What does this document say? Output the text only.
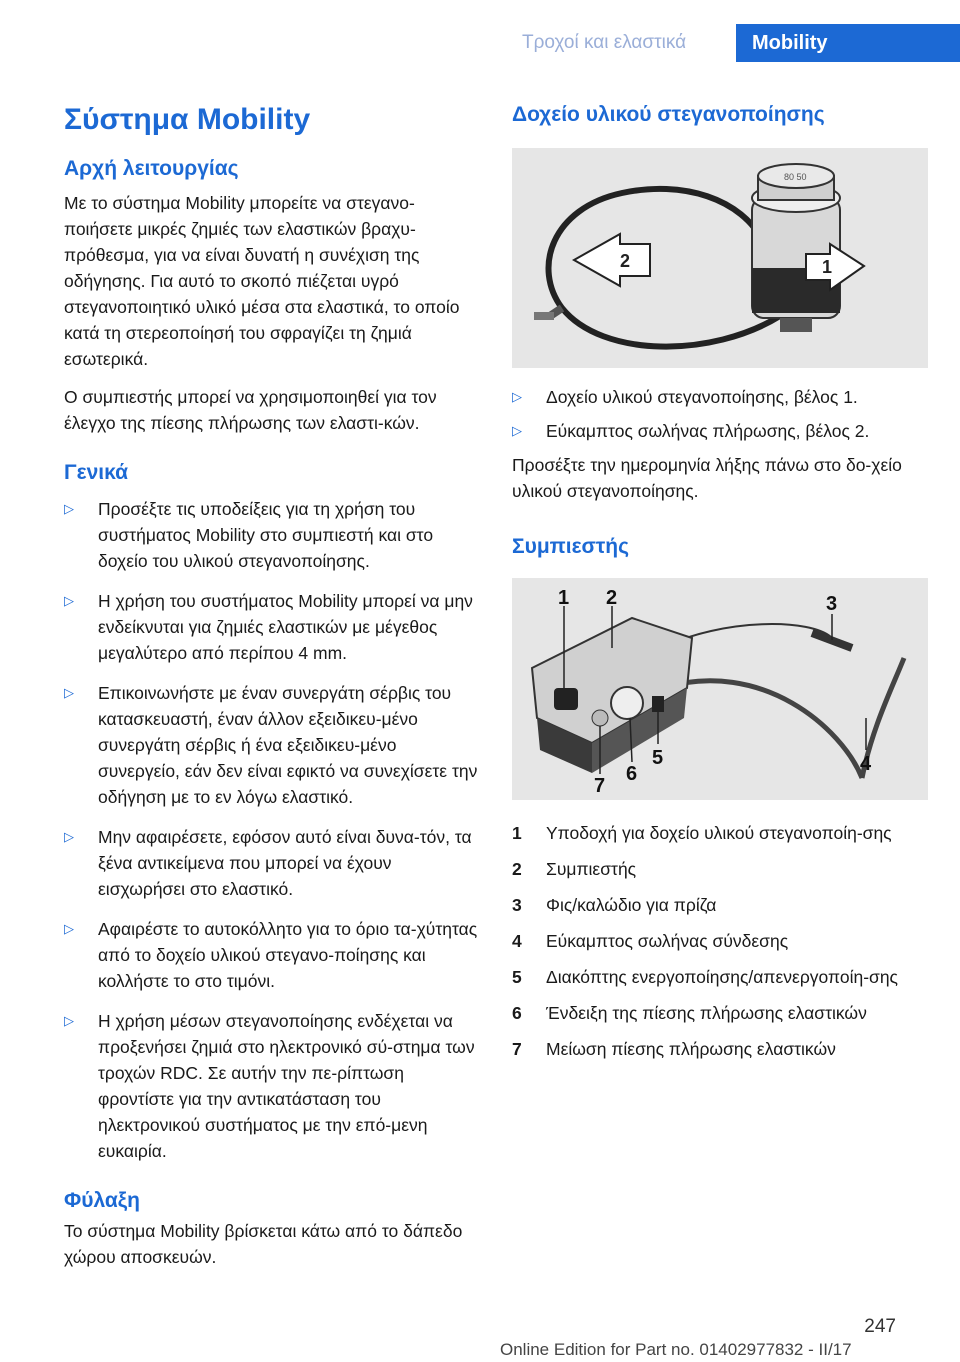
Τροχοί και ελαστικά	Mobility
Σύστημα Mobility
Αρχή λειτουργίας

Με το σύστημα Mobility μπορείτε να στεγανο‐ποιήσετε μικρές ζημιές των ελαστικών βραχυ‐πρόθεσμα, για να είναι δυνατή η συνέχιση της οδήγησης. Για αυτό το σκοπό πιέζεται υγρό στεγανοποιητικό υλικό μέσα στα ελαστικά, το οποίο κατά τη στερεοποίησή του σφραγίζει τη ζημιά εσωτερικά.

Ο συμπιεστής μπορεί να χρησιμοποιηθεί για τον έλεγχο της πίεσης πλήρωσης των ελαστι‐κών.

Γενικά
▷	Προσέξτε τις υποδείξεις για τη χρήση του συστήματος Mobility στο συμπιεστή και στο δοχείο του υλικού στεγανοποίησης.
▷	Η χρήση του συστήματος Mobility μπορεί να μην ενδείκνυται για ζημιές ελαστικών με μέγεθος μεγαλύτερο από περίπου 4 mm.
▷	Επικοινωνήστε με έναν συνεργάτη σέρβις του κατασκευαστή, έναν άλλον εξειδικευ‐μένο συνεργάτη σέρβις ή ένα εξειδικευ‐μένο συνεργείο, εάν δεν είναι εφικτό να συνεχίσετε την οδήγηση με το εν λόγω ελαστικό.
▷	Μην αφαιρέσετε, εφόσον αυτό είναι δυνα‐τόν, τα ξένα αντικείμενα που μπορεί να έχουν εισχωρήσει στο ελαστικό.
▷	Αφαιρέστε το αυτοκόλλητο για το όριο τα‐χύτητας από το δοχείο υλικού στεγανο‐ποίησης και κολλήστε το στο τιμόνι.
▷	Η χρήση μέσων στεγανοποίησης ενδέχεται να προξενήσει ζημιά στο ηλεκτρονικό σύ‐στημα των τροχών RDC. Σε αυτήν την πε‐ρίπτωση φροντίστε για την αντικατάσταση του ηλεκτρονικού συστήματος με την επό‐μενη ευκαιρία.
Φύλαξη

Το σύστημα Mobility βρίσκεται κάτω από το δάπεδο χώρου αποσκευών.

Δοχείο υλικού στεγανοποίησης
80 50
2	1
▷	Δοχείο υλικού στεγανοποίησης, βέλος 1.
▷	Εύκαμπτος σωλήνας πλήρωσης, βέλος 2.

Προσέξτε την ημερομηνία λήξης πάνω στο δο‐χείο υλικού στεγανοποίησης.

Συμπιεστής
1 2	3
4
5
6
7
1	Υποδοχή για δοχείο υλικού στεγανοποίη‐σης
2	Συμπιεστής
3	Φις/καλώδιο για πρίζα
4	Εύκαμπτος σωλήνας σύνδεσης
5	Διακόπτης ενεργοποίησης/απενεργοποίη‐σης
6	Ένδειξη της πίεσης πλήρωσης ελαστικών
7	Μείωση πίεσης πλήρωσης ελαστικών
247
Online Edition for Part no. 01402977832 - II/17
